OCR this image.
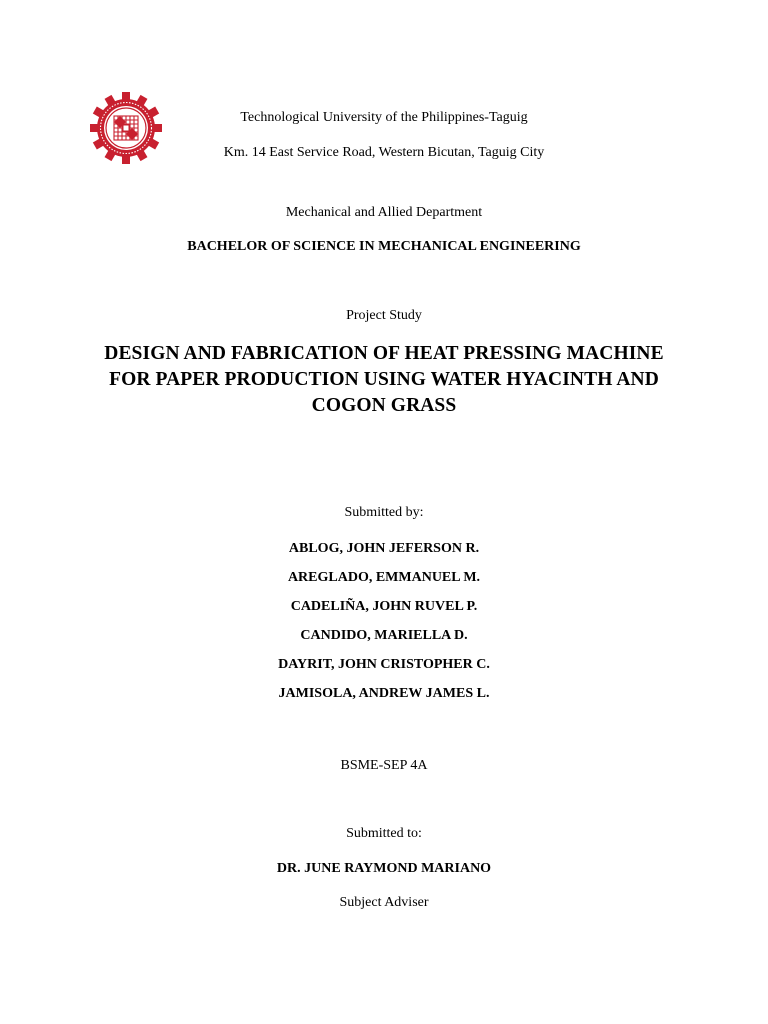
Technological University of the Philippines-Taguig
Km. 14 East Service Road, Western Bicutan, Taguig City
Mechanical and Allied Department
BACHELOR OF SCIENCE IN MECHANICAL ENGINEERING
Project Study
DESIGN AND FABRICATION OF HEAT PRESSING MACHINE
FOR PAPER PRODUCTION USING WATER HYACINTH AND
COGON GRASS
Submitted by:
ABLOG, JOHN JEFERSON R.
AREGLADO, EMMANUEL M.
CADELIÑA, JOHN RUVEL P.
CANDIDO, MARIELLA D.
DAYRIT, JOHN CRISTOPHER C.
JAMISOLA, ANDREW JAMES L.
BSME-SEP 4A
Submitted to:
DR. JUNE RAYMOND MARIANO
Subject Adviser
